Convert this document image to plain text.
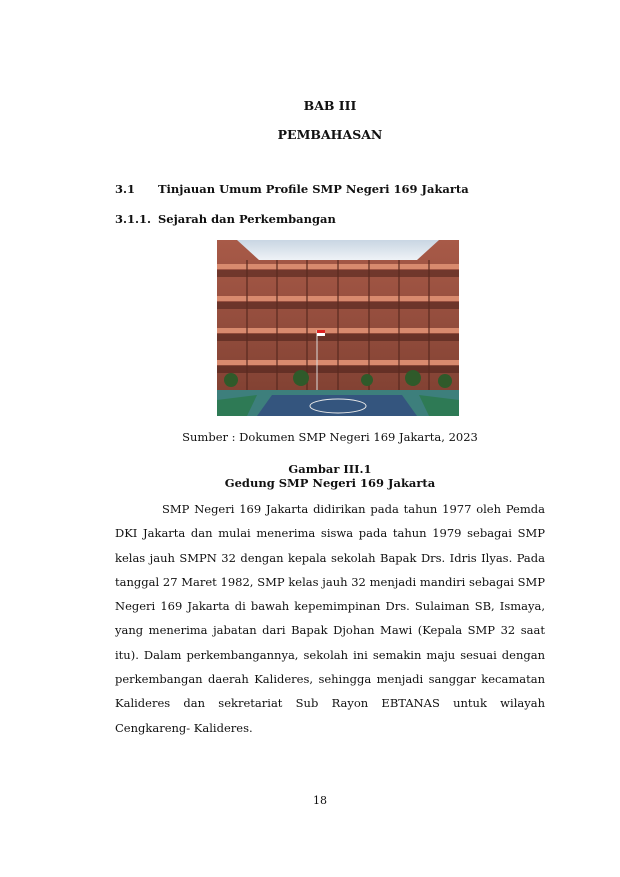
BAB III
PEMBAHASAN
3.1 Tinjauan Umum Profile SMP Negeri 169 Jakarta
3.1.1. Sejarah dan Perkembangan
Sumber : Dokumen SMP Negeri 169 Jakarta, 2023
Gambar III.1
Gedung SMP Negeri 169 Jakarta

SMP Negeri 169 Jakarta didirikan pada tahun 1977 oleh Pemda DKI Jakarta dan mulai menerima siswa pada tahun 1979 sebagai SMP kelas jauh SMPN 32 dengan kepala sekolah Bapak Drs. Idris Ilyas. Pada tanggal 27 Maret 1982, SMP kelas jauh 32 menjadi mandiri sebagai SMP Negeri 169 Jakarta di bawah kepemimpinan Drs. Sulaiman SB, Ismaya, yang menerima jabatan dari Bapak Djohan Mawi (Kepala SMP 32 saat itu). Dalam perkembangannya, sekolah ini semakin maju sesuai dengan perkembangan daerah Kalideres, sehingga menjadi sanggar kecamatan Kalideres dan sekretariat Sub Rayon EBTANAS untuk wilayah Cengkareng- Kalideres.

18
